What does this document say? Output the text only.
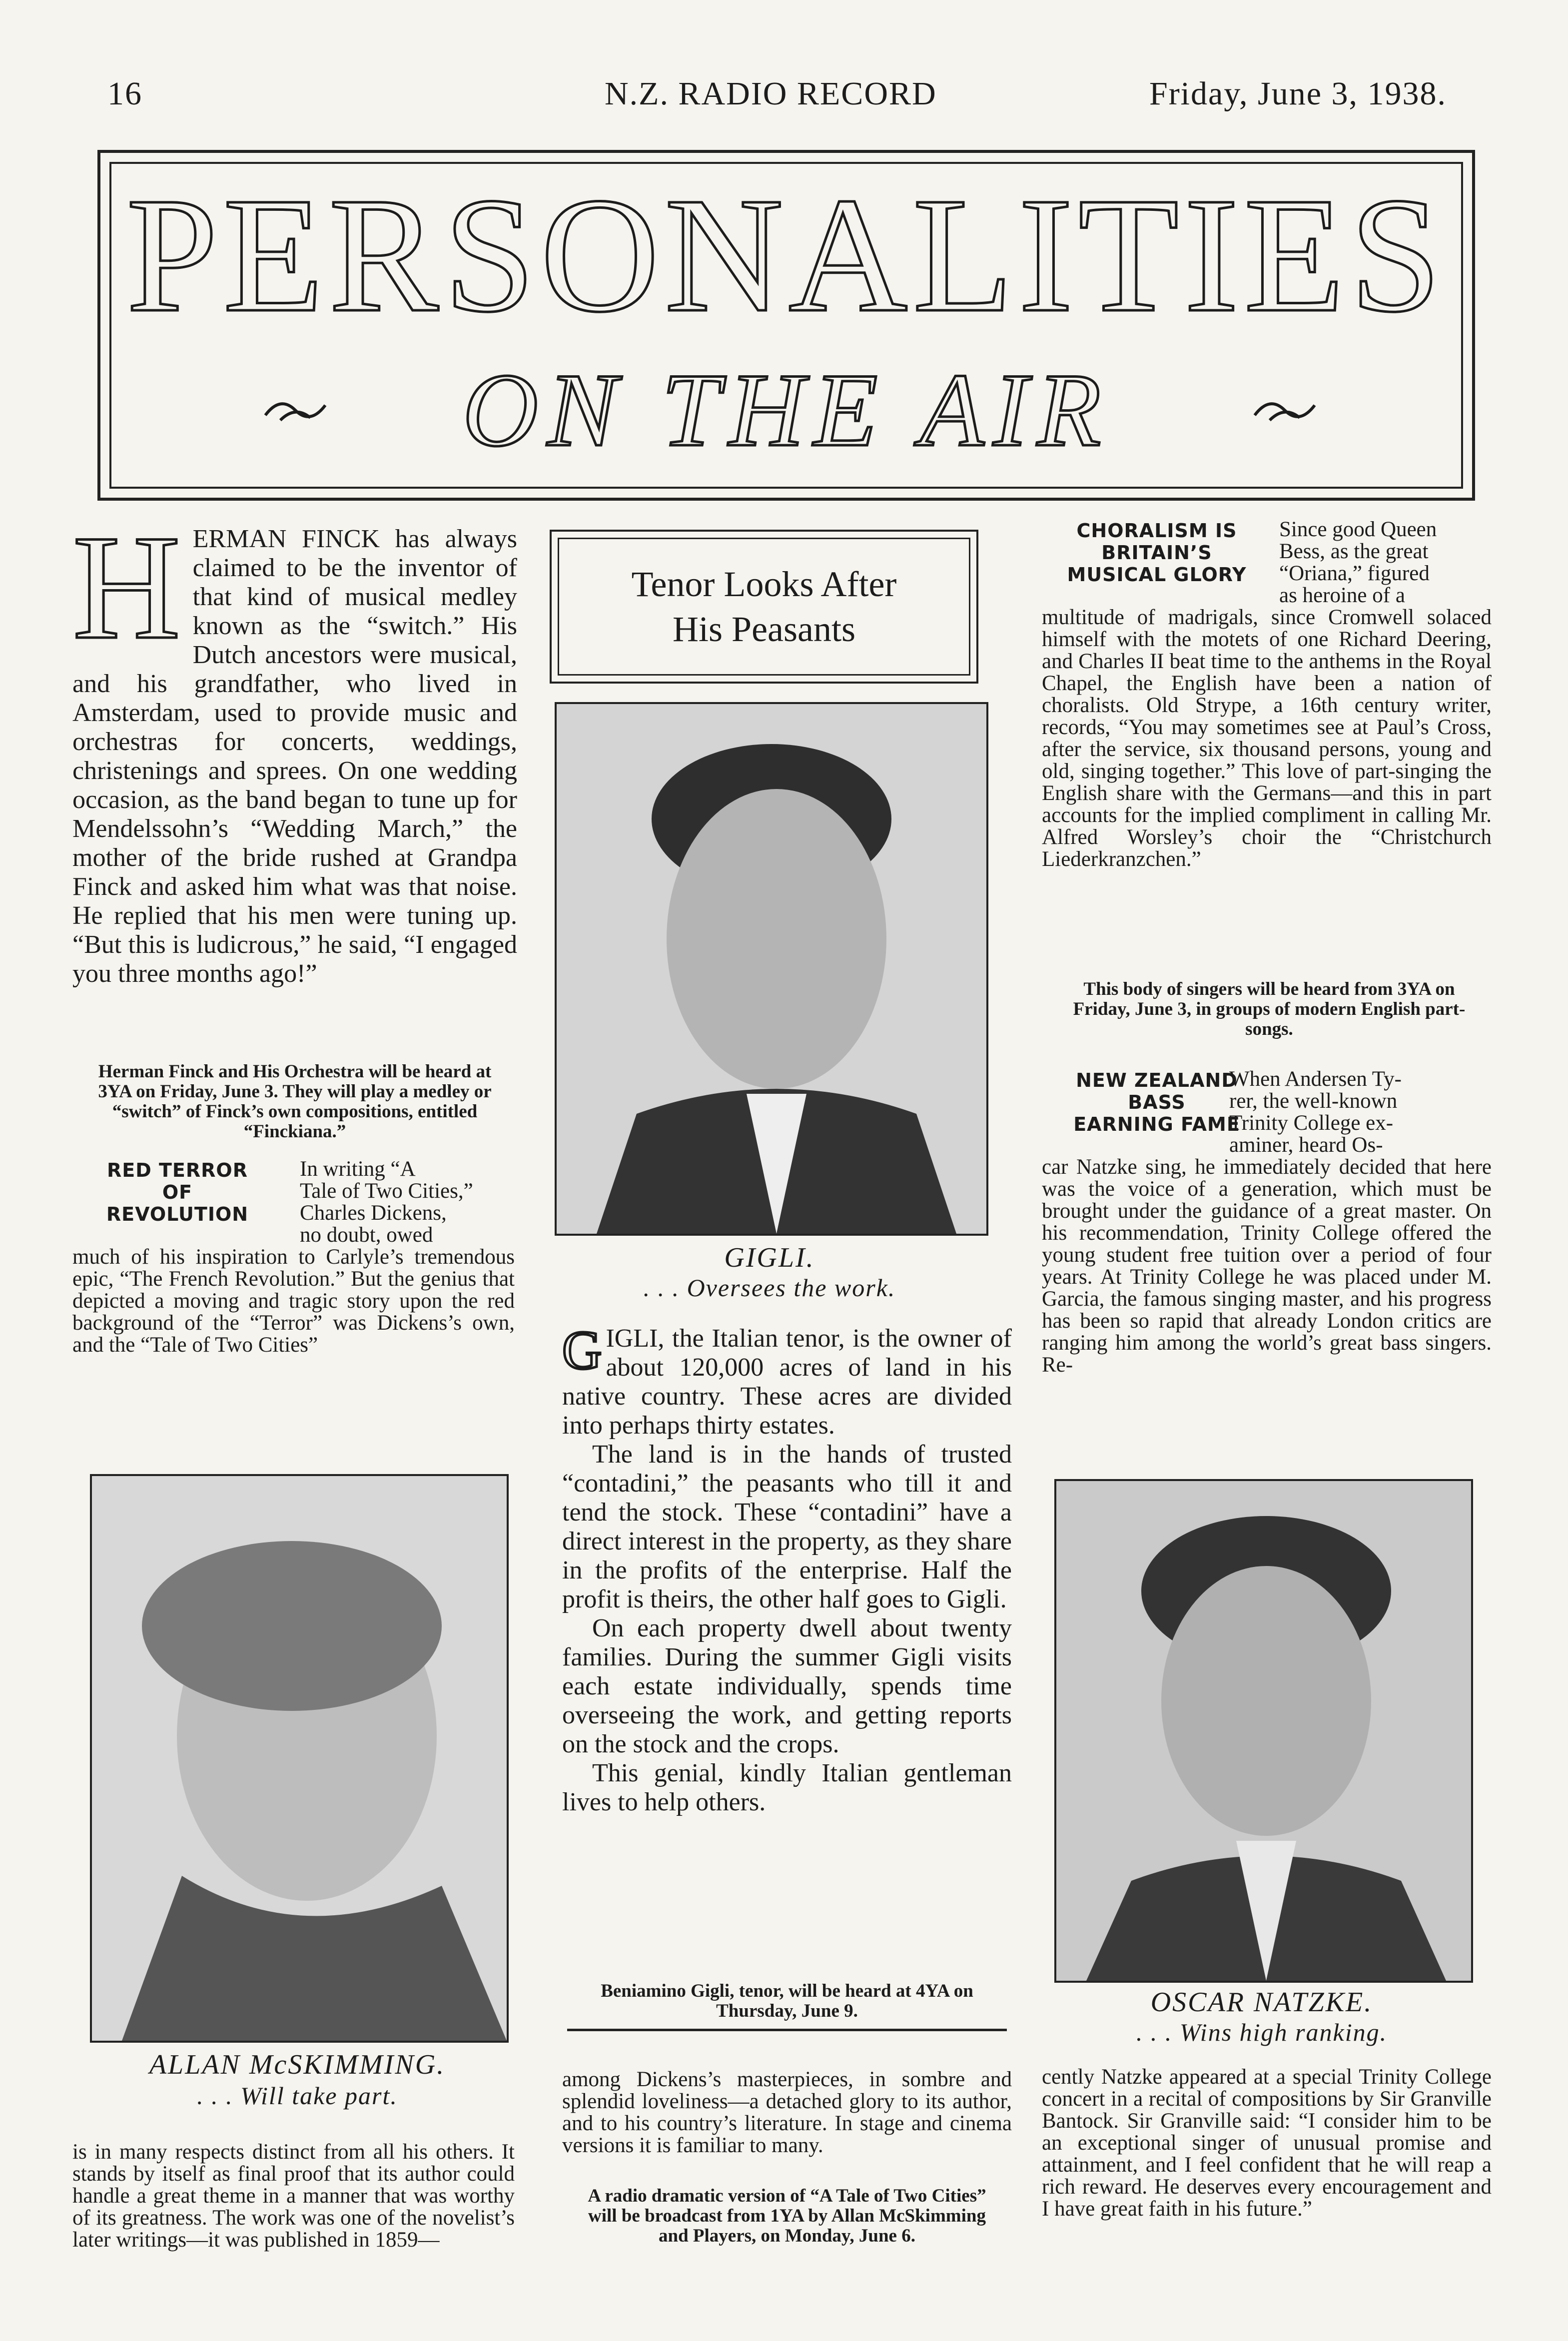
16	N.Z. RADIO RECORD	Friday, June 3, 1938.
PERSONALITIES
ON THE AIR
H ERMAN FINCK has always claimed to be the inventor of that kind of musical medley known as the “switch.” His Dutch ancestors were musical, and his grandfather, who lived in Amsterdam, used to provide music and orchestras for concerts, weddings, christenings and sprees. On one wedding occasion, as the band began to tune up for Mendelssohn’s “Wedding March,” the mother of the bride rushed at Grandpa Finck and asked him what was that noise. He replied that his men were tuning up. “But this is ludicrous,” he said, “I engaged you three months ago!”
Herman Finck and His Orchestra will be heard at 3YA on Friday, June 3. They will play a medley or “switch” of Finck’s own compositions, entitled “Finckiana.”
RED TERROR
OF
REVOLUTION
In writing “A
Tale of Two Cities,”
Charles Dickens,
no doubt, owed
much of his inspiration to Carlyle’s tremendous epic, “The French Revolution.” But the genius that depicted a moving and tragic story upon the red background of the “Terror” was Dickens’s own, and the “Tale of Two Cities”
ALLAN McSKIMMING.
. . . Will take part.
is in many respects distinct from all his others. It stands by itself as final proof that its author could handle a great theme in a manner that was worthy of its greatness. The work was one of the novelist’s later writings—it was published in 1859—
Tenor Looks After
His Peasants
GIGLI.
. . . Oversees the work.

GIGLI, the Italian tenor, is the owner of about 120,000 acres of land in his native country. These acres are divided into perhaps thirty estates.

The land is in the hands of trusted “contadini,” the peasants who till it and tend the stock. These “contadini” have a direct interest in the property, as they share in the profits of the enterprise. Half the profit is theirs, the other half goes to Gigli.

On each property dwell about twenty families. During the summer Gigli visits each estate individually, spends time overseeing the work, and getting reports on the stock and the crops.

This genial, kindly Italian gentleman lives to help others.

Beniamino Gigli, tenor, will be heard at 4YA on Thursday, June 9.
among Dickens’s masterpieces, in sombre and splendid loveliness—a detached glory to its author, and to his country’s literature. In stage and cinema versions it is familiar to many.
A radio dramatic version of “A Tale of Two Cities” will be broadcast from 1YA by Allan McSkimming and Players, on Monday, June 6.
CHORALISM IS
BRITAIN’S
MUSICAL GLORY
Since good Queen
Bess, as the great
“Oriana,” figured
as heroine of a
multitude of madrigals, since Cromwell solaced himself with the motets of one Richard Deering, and Charles II beat time to the anthems in the Royal Chapel, the English have been a nation of choralists. Old Strype, a 16th century writer, records, “You may sometimes see at Paul’s Cross, after the service, six thousand persons, young and old, singing together.” This love of part-singing the English share with the Germans—and this in part accounts for the implied compliment in calling Mr. Alfred Worsley’s choir the “Christchurch Liederkranzchen.”
This body of singers will be heard from 3YA on Friday, June 3, in groups of modern English part-songs.
NEW ZEALAND
BASS
EARNING FAME
When Andersen Ty-
rer, the well-known
Trinity College ex-
aminer, heard Os-
car Natzke sing, he immediately decided that here was the voice of a generation, which must be brought under the guidance of a great master. On his recommendation, Trinity College offered the young student free tuition over a period of four years. At Trinity College he was placed under M. Garcia, the famous singing master, and his progress has been so rapid that already London critics are ranging him among the world’s great bass singers. Re-
OSCAR NATZKE.
. . . Wins high ranking.
cently Natzke appeared at a special Trinity College concert in a recital of compositions by Sir Granville Bantock. Sir Granville said: “I consider him to be an exceptional singer of unusual promise and attainment, and I feel confident that he will reap a rich reward. He deserves every encouragement and I have great faith in his future.”
